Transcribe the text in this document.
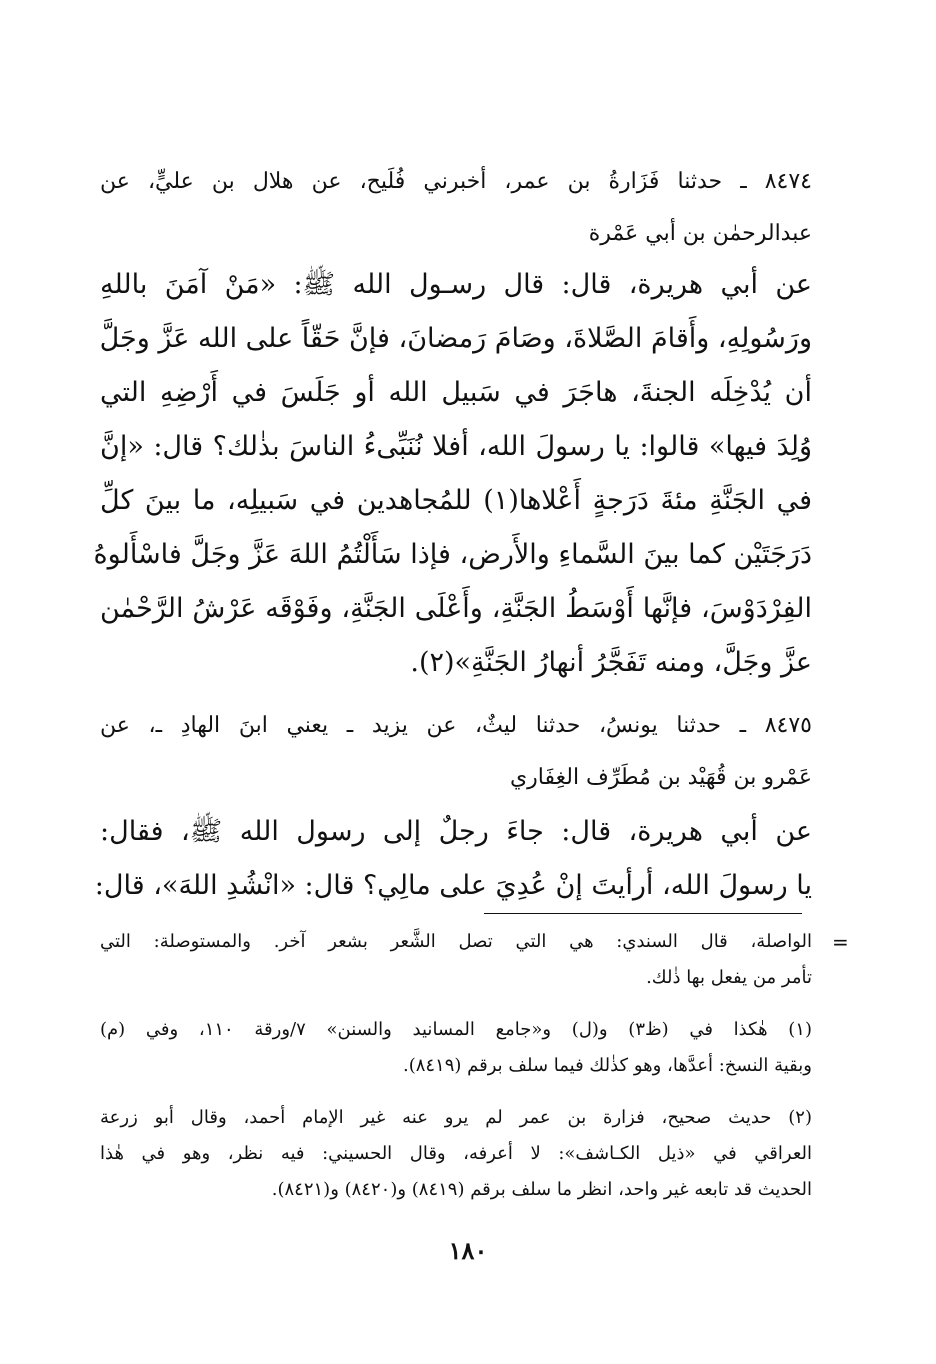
٨٤٧٤ ـ حدثنا فَزَارةُ بن عمر، أخبرني فُلَيح، عن هلال بن عليٍّ، عن
عبدالرحمٰن بن أبي عَمْرة
عن أبي هريرة، قال: قال رسـول الله ﷺ: «مَنْ آمَنَ باللهِ
ورَسُولِهِ، وأَقامَ الصَّلاةَ، وصَامَ رَمضانَ، فإنَّ حَقّاً على الله عَزَّ وجَلَّ
أن يُدْخِلَه الجنةَ، هاجَرَ في سَبيل الله أو جَلَسَ في أَرْضِهِ التي
وُلِدَ فيها» قالوا: يا رسولَ الله، أفلا نُنَبِّىءُ الناسَ بذٰلك؟ قال: «إنَّ
في الجَنَّةِ مئةَ دَرَجةٍ أَعْلاها(١) للمُجاهدين في سَبيلِه، ما بينَ كلِّ
دَرَجَتَيْن كما بينَ السَّماءِ والأَرض، فإذا سَأَلْتُمُ اللهَ عَزَّ وجَلَّ فاسْأَلوهُ
الفِرْدَوْسَ، فإنَّها أَوْسَطُ الجَنَّةِ، وأَعْلَى الجَنَّةِ، وفَوْقَه عَرْشُ الرَّحْمٰن
عزَّ وجَلَّ، ومنه تَفَجَّرُ أنهارُ الجَنَّةِ»(٢).
٨٤٧٥ ـ حدثنا يونسُ، حدثنا ليثٌ، عن يزيد ـ يعني ابنَ الهادِ ـ، عن
عَمْرو بن قُهَيْد بن مُطَرِّف الغِفَاري
عن أبي هريرة، قال: جاءَ رجلٌ إلى رسول الله ﷺ، فقال:
يا رسولَ الله، أرأيتَ إنْ عُدِيَ على مالِي؟ قال: «انْشُدِ اللهَ»، قال:
=
الواصلة، قال السندي: هي التي تصل الشَّعر بشعر آخر. والمستوصلة: التي
تأمر من يفعل بها ذٰلك.
(١) هٰكذا في (ظ٣) و(ل) و«جامع المسانيد والسنن» ٧/ورقة ١١٠، وفي (م)
وبقية النسخ: أعدَّها، وهو كذٰلك فيما سلف برقم (٨٤١٩).
(٢) حديث صحيح، فزارة بن عمر لم يرو عنه غير الإمام أحمد، وقال أبو زرعة
العراقي في «ذيل الكـاشف»: لا أعرفه، وقال الحسيني: فيه نظر، وهو في هٰذا
الحديث قد تابعه غير واحد، انظر ما سلف برقم (٨٤١٩) و(٨٤٢٠) و(٨٤٢١).
١٨٠
